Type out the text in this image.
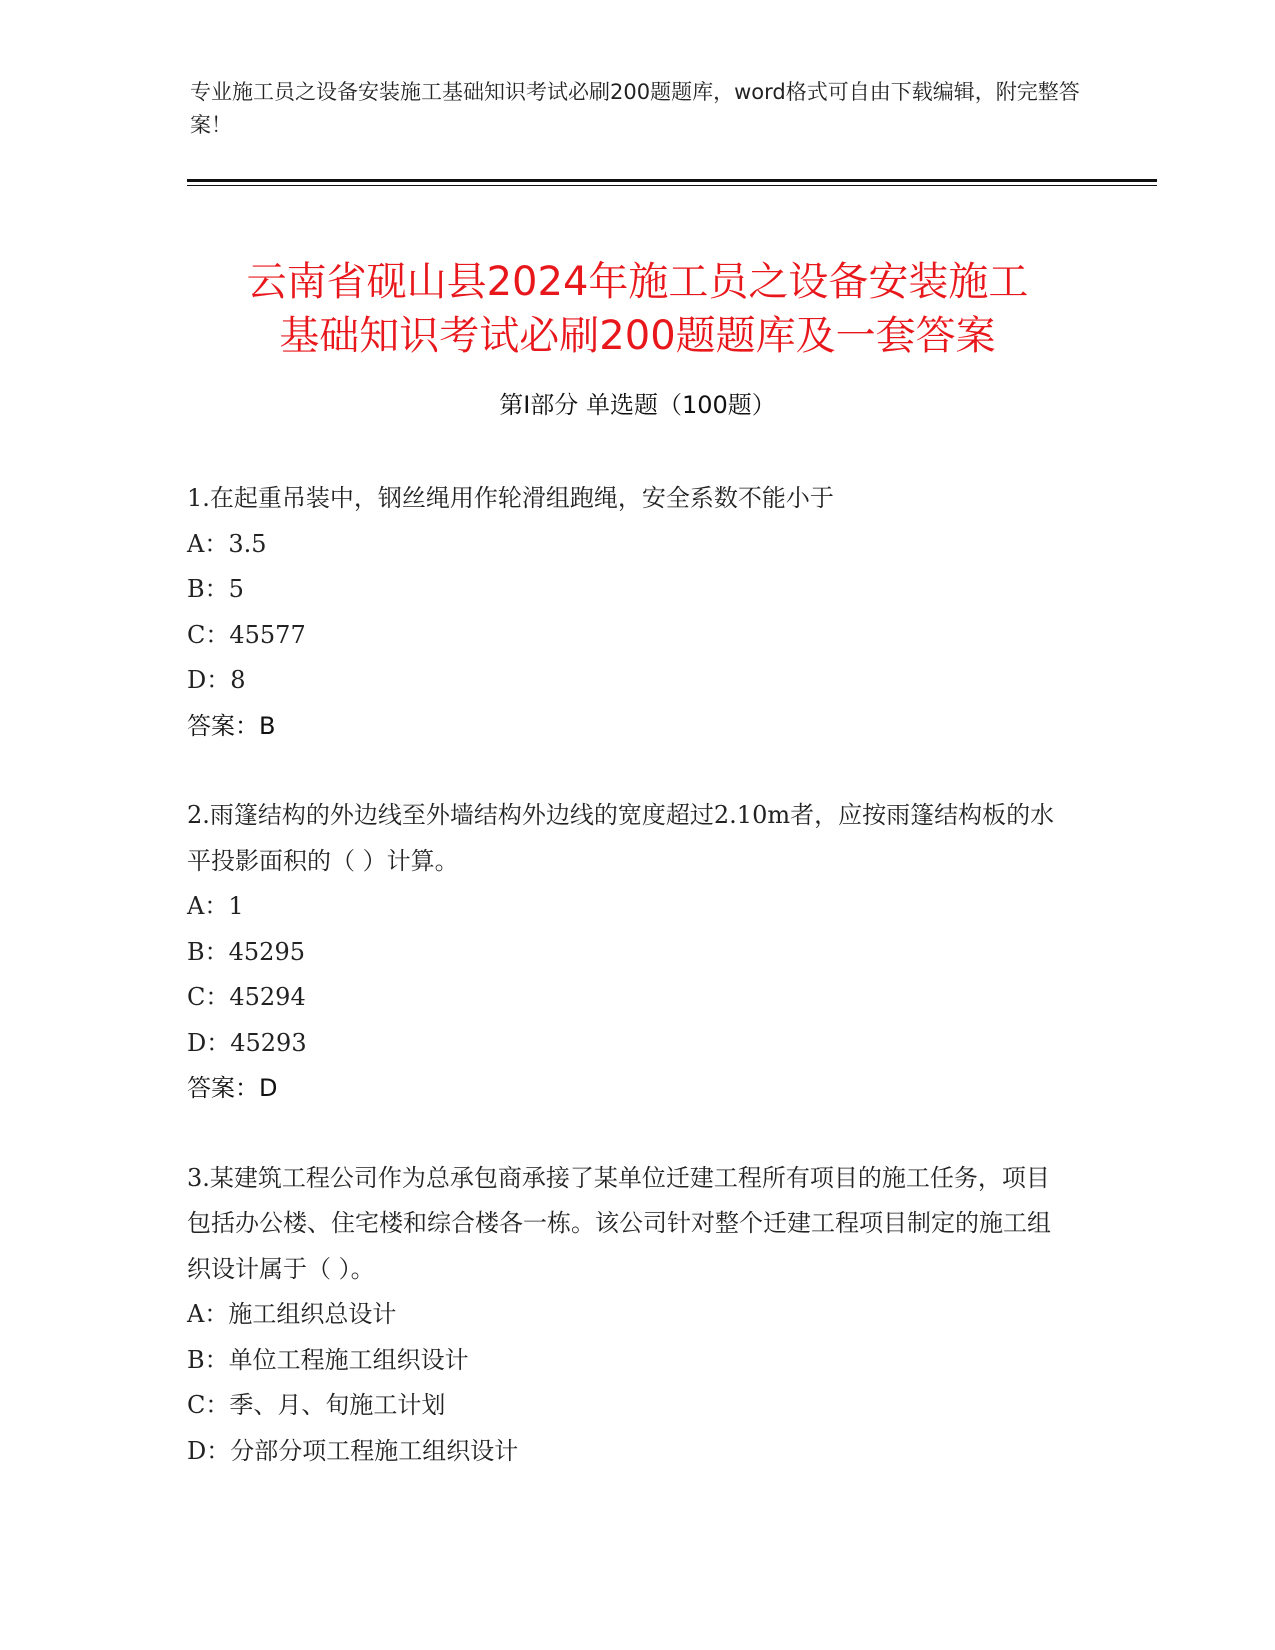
专业施工员之设备安装施工基础知识考试必刷200题题库，word格式可自由下载编辑，附完整答案！
云南省砚山县2024年施工员之设备安装施工
基础知识考试必刷200题题库及一套答案
第I部分 单选题（100题）

1.在起重吊装中，钢丝绳用作轮滑组跑绳，安全系数不能小于

A：3.5

B：5

C：45577

D：8

答案：B

2.雨篷结构的外边线至外墙结构外边线的宽度超过2.10m者，应按雨篷结构板的水平投影面积的（ ）计算。

A：1

B：45295

C：45294

D：45293

答案：D

3.某建筑工程公司作为总承包商承接了某单位迁建工程所有项目的施工任务，项目包括办公楼、住宅楼和综合楼各一栋。该公司针对整个迁建工程项目制定的施工组织设计属于（ ）。

A：施工组织总设计

B：单位工程施工组织设计

C：季、月、旬施工计划

D：分部分项工程施工组织设计
